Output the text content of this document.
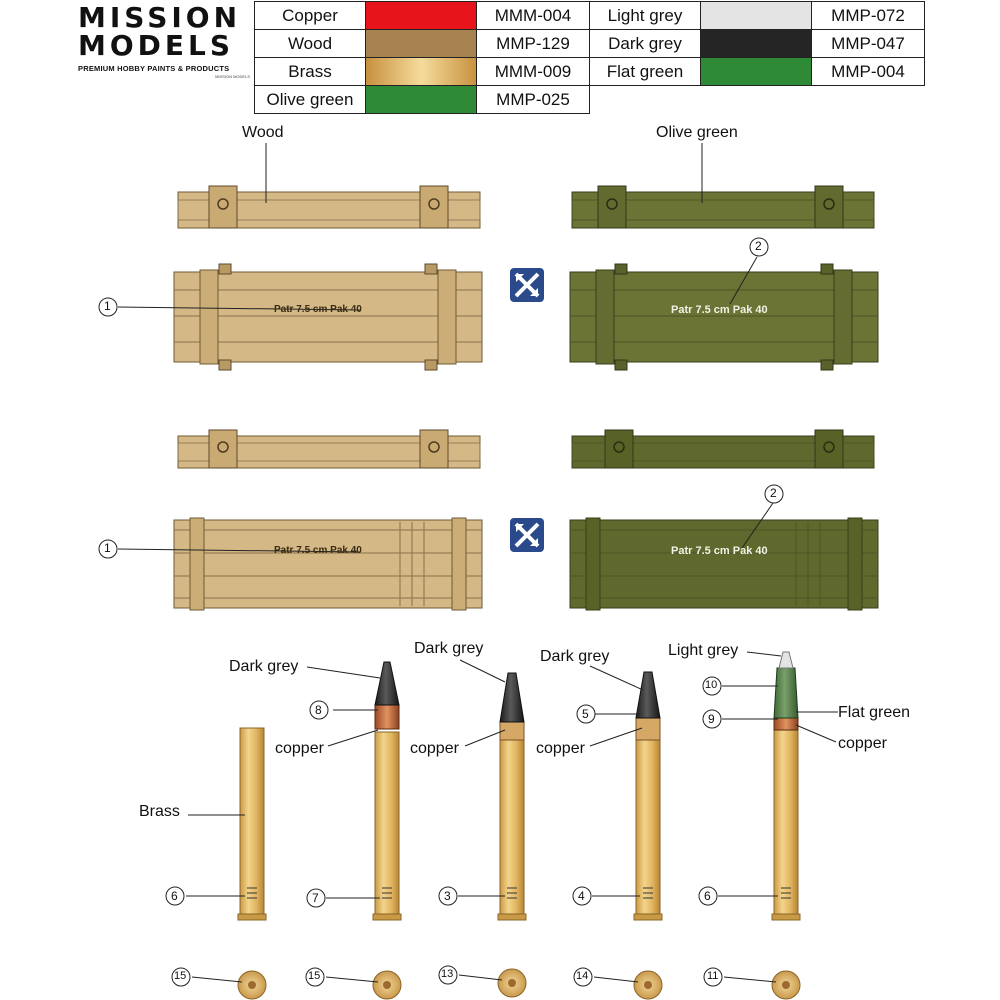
MISSION
MODELS
PREMIUM HOBBY PAINTS & PRODUCTS
MISSION MODELS
Copper		MMM-004	Light grey		MMP-072
Wood		MMP-129	Dark grey		MMP-047
Brass		MMM-009	Flat green		MMP-004
Olive green		MMP-025			
Patr 7.5 cm Pak 40	Patr 7.5 cm Pak 40
Patr 7.5 cm Pak 40	Patr 7.5 cm Pak 40
Wood	Olive green
1
1
2
2
Brass
Dark grey
copper
Dark grey
copper
Dark grey
copper
Light grey
Flat green
copper
8	5
10
9
6	7	3	4	6
15	15	13	14	11
